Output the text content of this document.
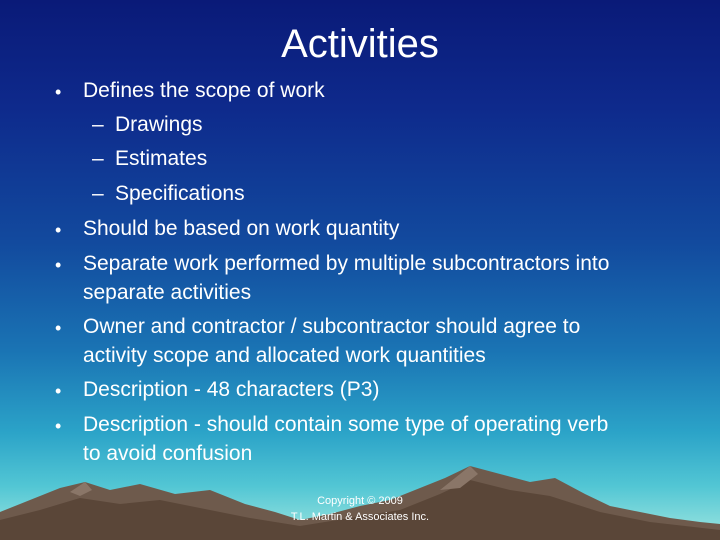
Activities
• Defines the scope of work
– Drawings
– Estimates
– Specifications
• Should be based on work quantity
• Separate work performed by multiple subcontractors into
separate activities
• Owner and contractor / subcontractor should agree to
activity scope and allocated work quantities
• Description - 48 characters (P3)
• Description - should contain some type of operating verb
to avoid confusion
Copyright © 2009
T.L. Martin & Associates Inc.
